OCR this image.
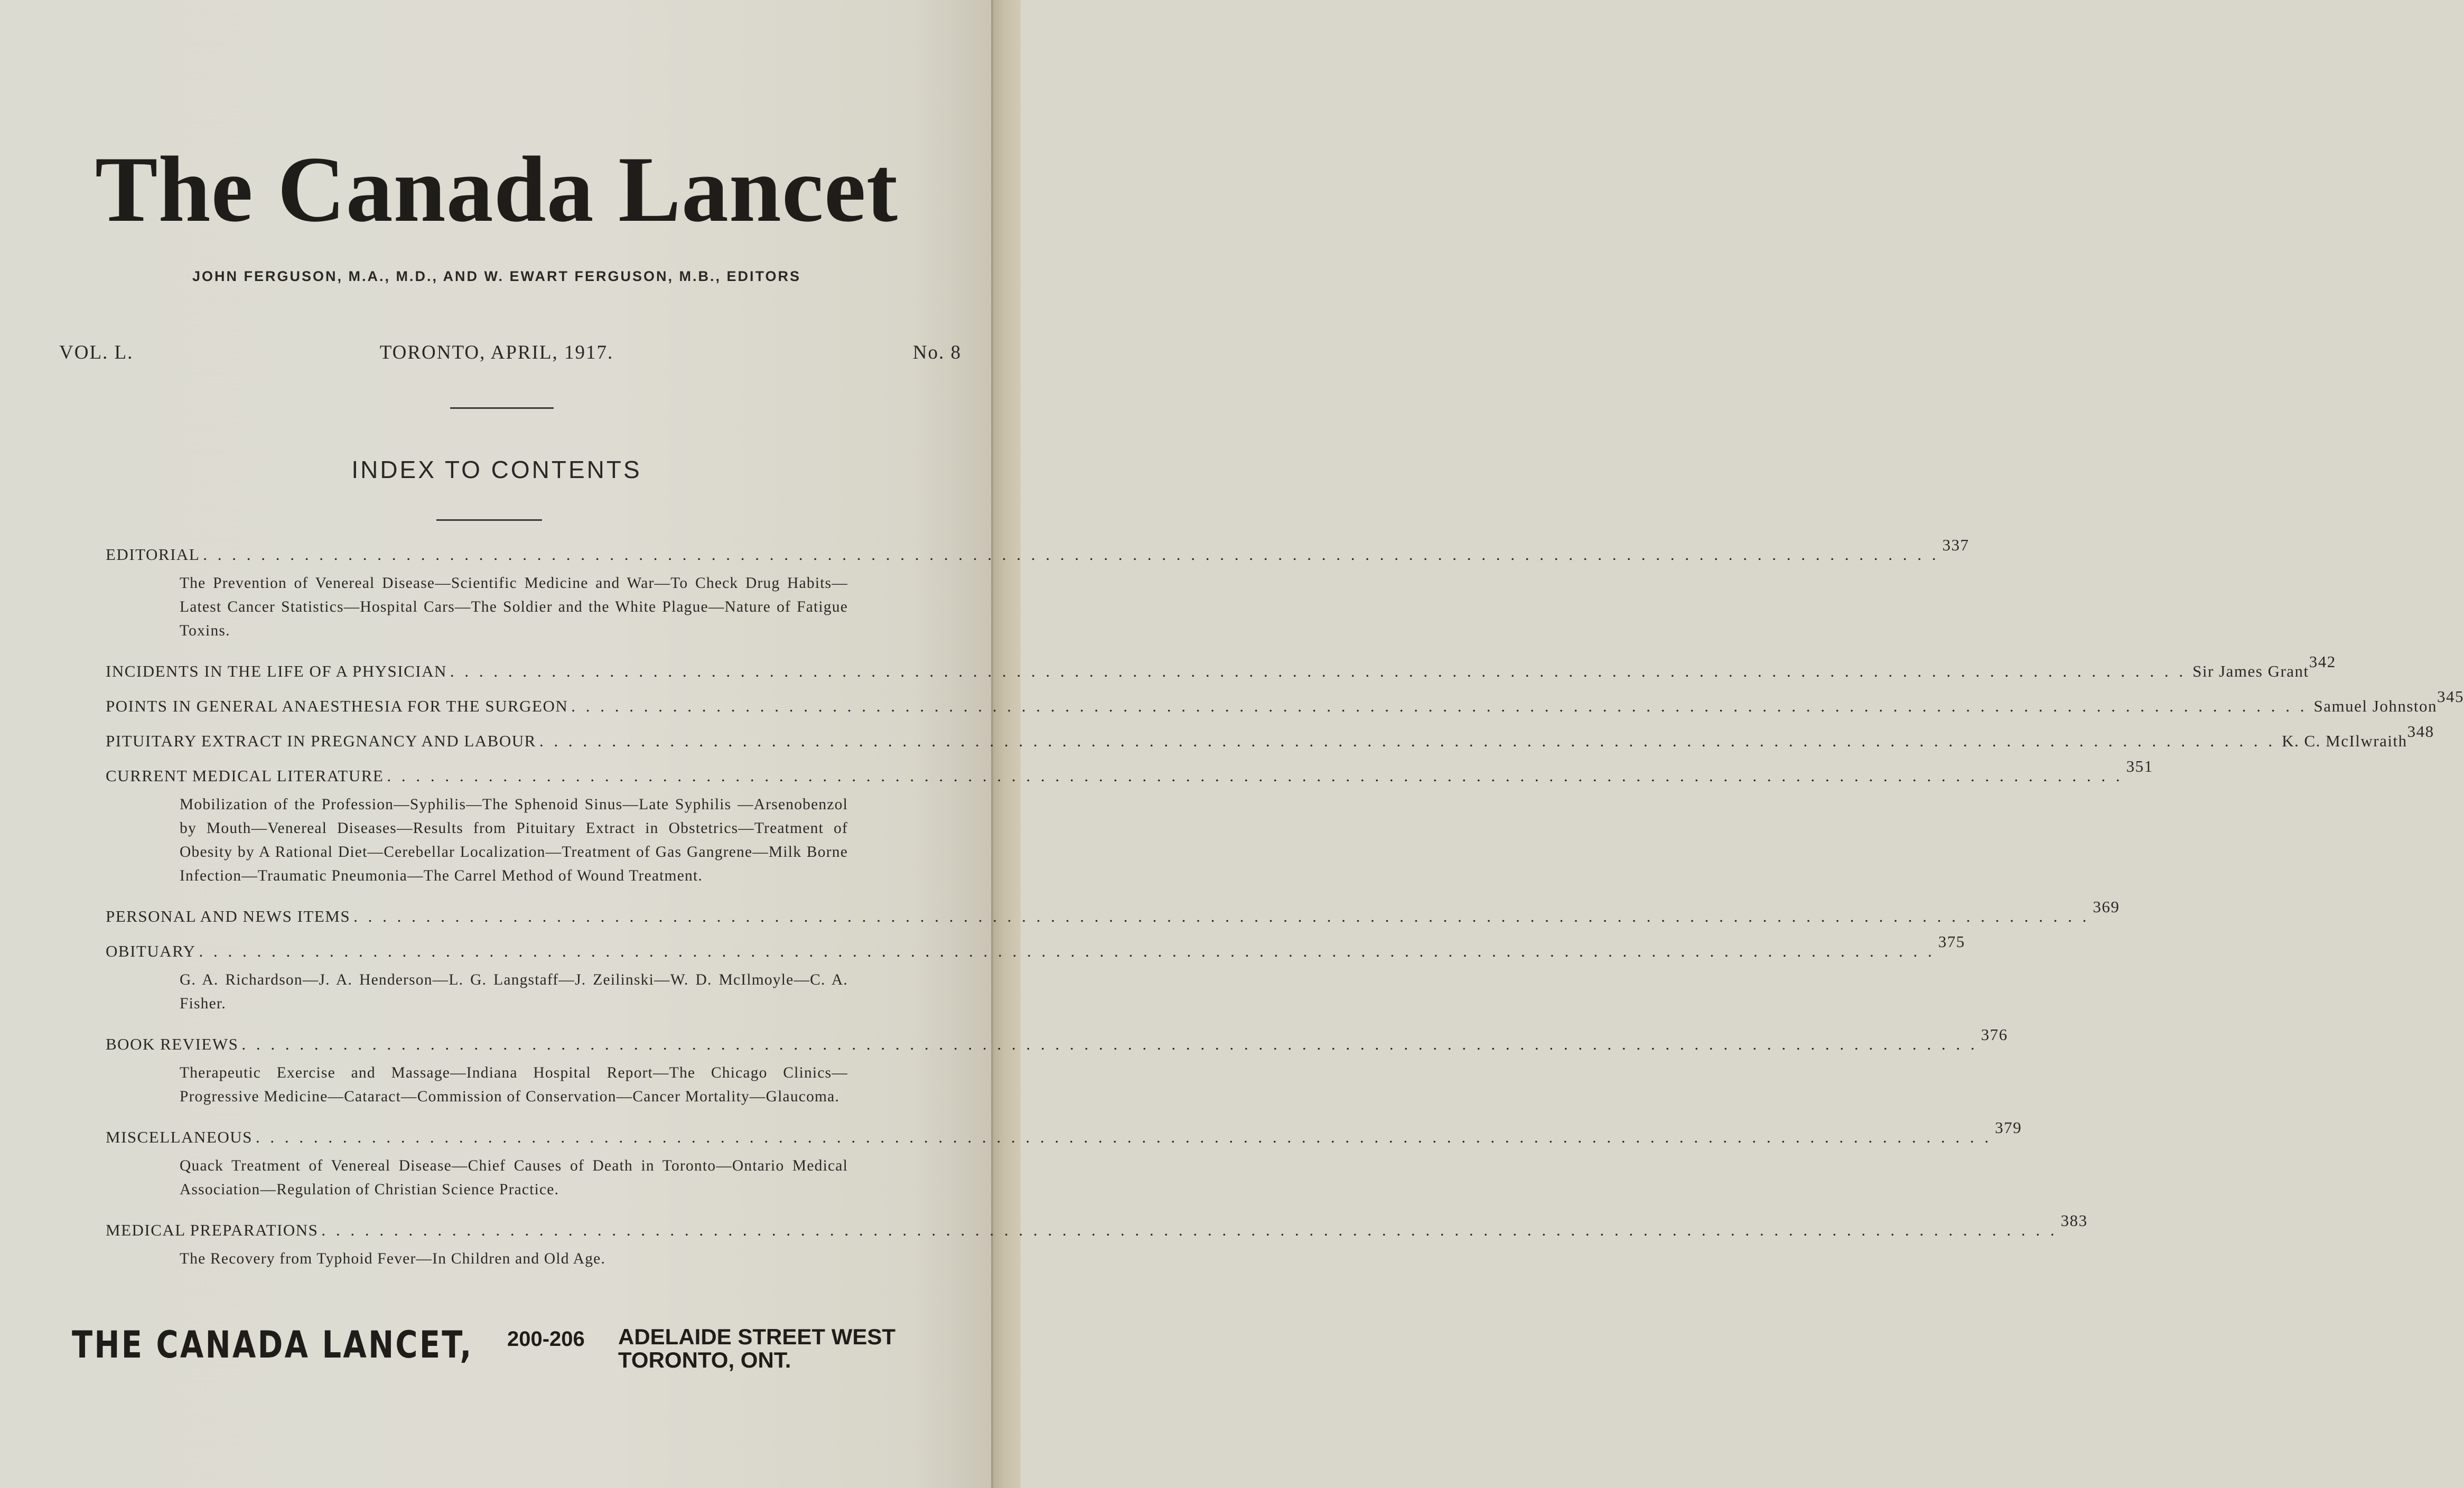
The Canada Lancet
JOHN FERGUSON, M.A., M.D., AND W. EWART FERGUSON, M.B., EDITORS
VOL. L.	TORONTO, APRIL, 1917.	No. 8
INDEX TO CONTENTS
EDITORIAL . . . . . . . . . . . . . . . . . . . . . . . . . . . . . . . . . . . . . . . . . . . . . . . . . . . . . . . . . . . . . . . . . . . . . . . . . . . . . . . . . . . . . . . . . . . . . . . . . . . . . . . . . . . . . . . . . . . . . . . .
337
The Prevention of Venereal Disease—Scientific Medicine and War—To Check Drug Habits—Latest Cancer Statistics—Hospital Cars—The Soldier and the White Plague—Nature of Fatigue Toxins.
INCIDENTS IN THE LIFE OF A PHYSICIAN . . . . . . . . . . . . . . . . . . . . . . . . . . . . . . . . . . . . . . . . . . . . . . . . . . . . . . . . . . . . . . . . . . . . . . . . . . . . . . . . . . . . . . . . . . . . . . . . . . . . . . . . . . . . . . . . . . . . . . . . Sir James Grant
342
POINTS IN GENERAL ANAESTHESIA FOR THE SURGEON . . . . . . . . . . . . . . . . . . . . . . . . . . . . . . . . . . . . . . . . . . . . . . . . . . . . . . . . . . . . . . . . . . . . . . . . . . . . . . . . . . . . . . . . . . . . . . . . . . . . . . . . . . . . . . . . . . . . . . . . Samuel Johnston
345
PITUITARY EXTRACT IN PREGNANCY AND LABOUR . . . . . . . . . . . . . . . . . . . . . . . . . . . . . . . . . . . . . . . . . . . . . . . . . . . . . . . . . . . . . . . . . . . . . . . . . . . . . . . . . . . . . . . . . . . . . . . . . . . . . . . . . . . . . . . . . . . . . . . . K. C. McIlwraith
348
CURRENT MEDICAL LITERATURE . . . . . . . . . . . . . . . . . . . . . . . . . . . . . . . . . . . . . . . . . . . . . . . . . . . . . . . . . . . . . . . . . . . . . . . . . . . . . . . . . . . . . . . . . . . . . . . . . . . . . . . . . . . . . . . . . . . . . . . .
351
Mobilization of the Profession—Syphilis—The Sphenoid Sinus—Late Syphilis —Arsenobenzol by Mouth—Venereal Diseases—Results from Pituitary Extract in Obstetrics—Treatment of Obesity by A Rational Diet—Cerebellar Localization—Treatment of Gas Gangrene—Milk Borne Infection—Traumatic Pneumonia—The Carrel Method of Wound Treatment.
PERSONAL AND NEWS ITEMS . . . . . . . . . . . . . . . . . . . . . . . . . . . . . . . . . . . . . . . . . . . . . . . . . . . . . . . . . . . . . . . . . . . . . . . . . . . . . . . . . . . . . . . . . . . . . . . . . . . . . . . . . . . . . . . . . . . . . . . .
369
OBITUARY . . . . . . . . . . . . . . . . . . . . . . . . . . . . . . . . . . . . . . . . . . . . . . . . . . . . . . . . . . . . . . . . . . . . . . . . . . . . . . . . . . . . . . . . . . . . . . . . . . . . . . . . . . . . . . . . . . . . . . . .
375
G. A. Richardson—J. A. Henderson—L. G. Langstaff—J. Zeilinski—W. D. McIlmoyle—C. A. Fisher.
BOOK REVIEWS . . . . . . . . . . . . . . . . . . . . . . . . . . . . . . . . . . . . . . . . . . . . . . . . . . . . . . . . . . . . . . . . . . . . . . . . . . . . . . . . . . . . . . . . . . . . . . . . . . . . . . . . . . . . . . . . . . . . . . . .
376
Therapeutic Exercise and Massage—Indiana Hospital Report—The Chicago Clinics—Progressive Medicine—Cataract—Commission of Conservation—Cancer Mortality—Glaucoma.
MISCELLANEOUS . . . . . . . . . . . . . . . . . . . . . . . . . . . . . . . . . . . . . . . . . . . . . . . . . . . . . . . . . . . . . . . . . . . . . . . . . . . . . . . . . . . . . . . . . . . . . . . . . . . . . . . . . . . . . . . . . . . . . . . .
379
Quack Treatment of Venereal Disease—Chief Causes of Death in Toronto—Ontario Medical Association—Regulation of Christian Science Practice.
MEDICAL PREPARATIONS . . . . . . . . . . . . . . . . . . . . . . . . . . . . . . . . . . . . . . . . . . . . . . . . . . . . . . . . . . . . . . . . . . . . . . . . . . . . . . . . . . . . . . . . . . . . . . . . . . . . . . . . . . . . . . . . . . . . . . . .
383
The Recovery from Typhoid Fever—In Children and Old Age.
THE CANADA LANCET, 200-206 ADELAIDE STREET WEST
TORONTO, ONT.
